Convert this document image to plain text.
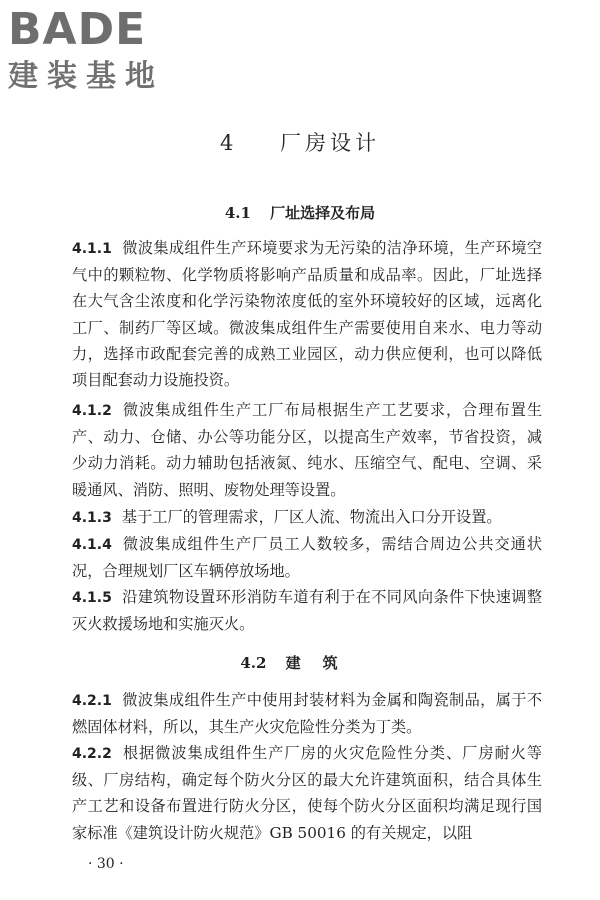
BADE
建装基地
4 厂房设计
4.1 厂址选择及布局
4.1.1 微波集成组件生产环境要求为无污染的洁净环境，生产环境空气中的颗粒物、化学物质将影响产品质量和成品率。因此，厂址选择在大气含尘浓度和化学污染物浓度低的室外环境较好的区域，远离化工厂、制药厂等区域。微波集成组件生产需要使用自来水、电力等动力，选择市政配套完善的成熟工业园区，动力供应便利，也可以降低项目配套动力设施投资。
4.1.2 微波集成组件生产工厂布局根据生产工艺要求，合理布置生产、动力、仓储、办公等功能分区，以提高生产效率，节省投资，减少动力消耗。动力辅助包括液氮、纯水、压缩空气、配电、空调、采暖通风、消防、照明、废物处理等设置。
4.1.3 基于工厂的管理需求，厂区人流、物流出入口分开设置。
4.1.4 微波集成组件生产厂员工人数较多，需结合周边公共交通状况，合理规划厂区车辆停放场地。
4.1.5 沿建筑物设置环形消防车道有利于在不同风向条件下快速调整灭火救援场地和实施灭火。
4.2 建筑
4.2.1 微波集成组件生产中使用封装材料为金属和陶瓷制品，属于不燃固体材料，所以，其生产火灾危险性分类为丁类。
4.2.2 根据微波集成组件生产厂房的火灾危险性分类、厂房耐火等级、厂房结构，确定每个防火分区的最大允许建筑面积，结合具体生产工艺和设备布置进行防火分区，使每个防火分区面积均满足现行国家标准《建筑设计防火规范》GB 50016 的有关规定，以阻
· 30 ·
